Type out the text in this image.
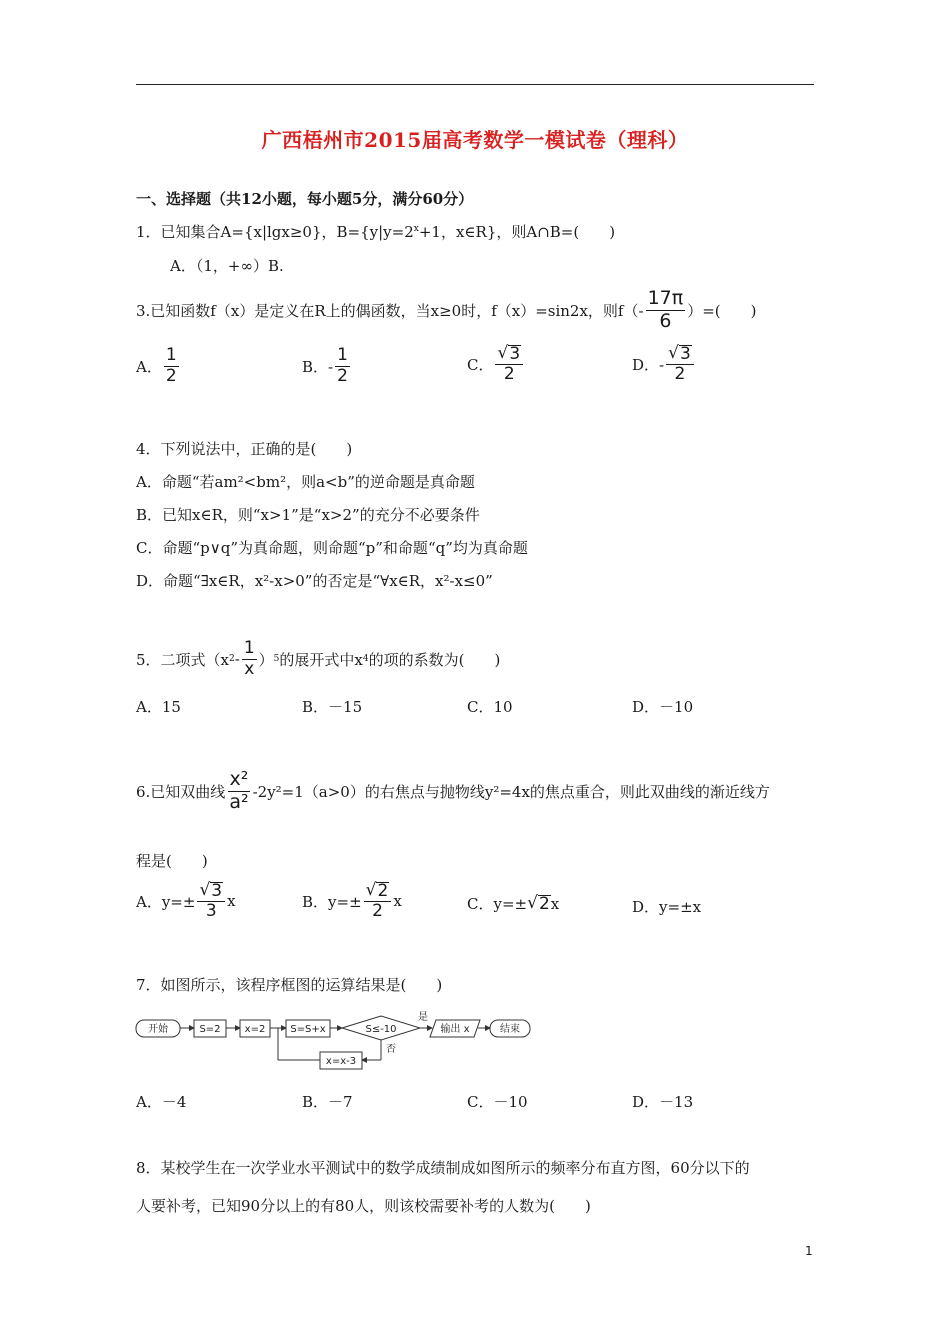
广西梧州市2015届高考数学一模试卷（理科）
一、选择题（共12小题，每小题5分，满分60分）
1．已知集合A={x|lgx≥0}，$B=\{y|y=2^x+1$，x∈R}，则A∩B=(　　)
A．（1，+∞）B.
3.已知函数f（x）是定义在R上的偶函数，当x≥0时，f（x）=sin2x，则$f(- \frac{17\pi}{6}$ ）=(　　)
A． $\frac{1}{2}$	B．- $\frac{1}{2}$	C． $\frac{√ 3}{2}$	D．- $\frac{√ 3}{2}$
4．下列说法中，正确的是(　　)
A．命题“若am²<bm²，则a<b”的逆命题是真命题
B．已知x∈R，则“x>1”是“x>2”的充分不必要条件
C．命题“p∨q”为真命题，则命题“p”和命题“q”均为真命题
D．命题“∃x∈R，x²-x>0”的否定是“∀x∈R，x²-x≤0”
5．二项式（x $2 - \frac{1}{x}$ ） 5 的展开式中x 4 的项的系数为(　　)
A．15	B．－15	C．10	D．－10
6.已知双曲线 $\frac{\text{x²}}{\text{a²}} -2y^2=1(a>0)$的右焦点与抛物线y²=4x的焦点重合，则此双曲线的渐近线方
程是(　　)
A．$y=\pm \frac{√ 3}{3}$ x	B．$y=\pm \frac{√ 2}{2}$ x	C．y=± √ 2 x	D．y=±x
7．如图所示，该程序框图的运算结果是(　　)
开始	S=2 x=2 S=S+x	S≤-10
是
输出 x	结束
否
x=x-3
A．－4	B．－7	C．－10	D．－13
8．某校学生在一次学业水平测试中的数学成绩制成如图所示的频率分布直方图，60分以下的
人要补考，已知90分以上的有80人，则该校需要补考的人数为(　　)
1
